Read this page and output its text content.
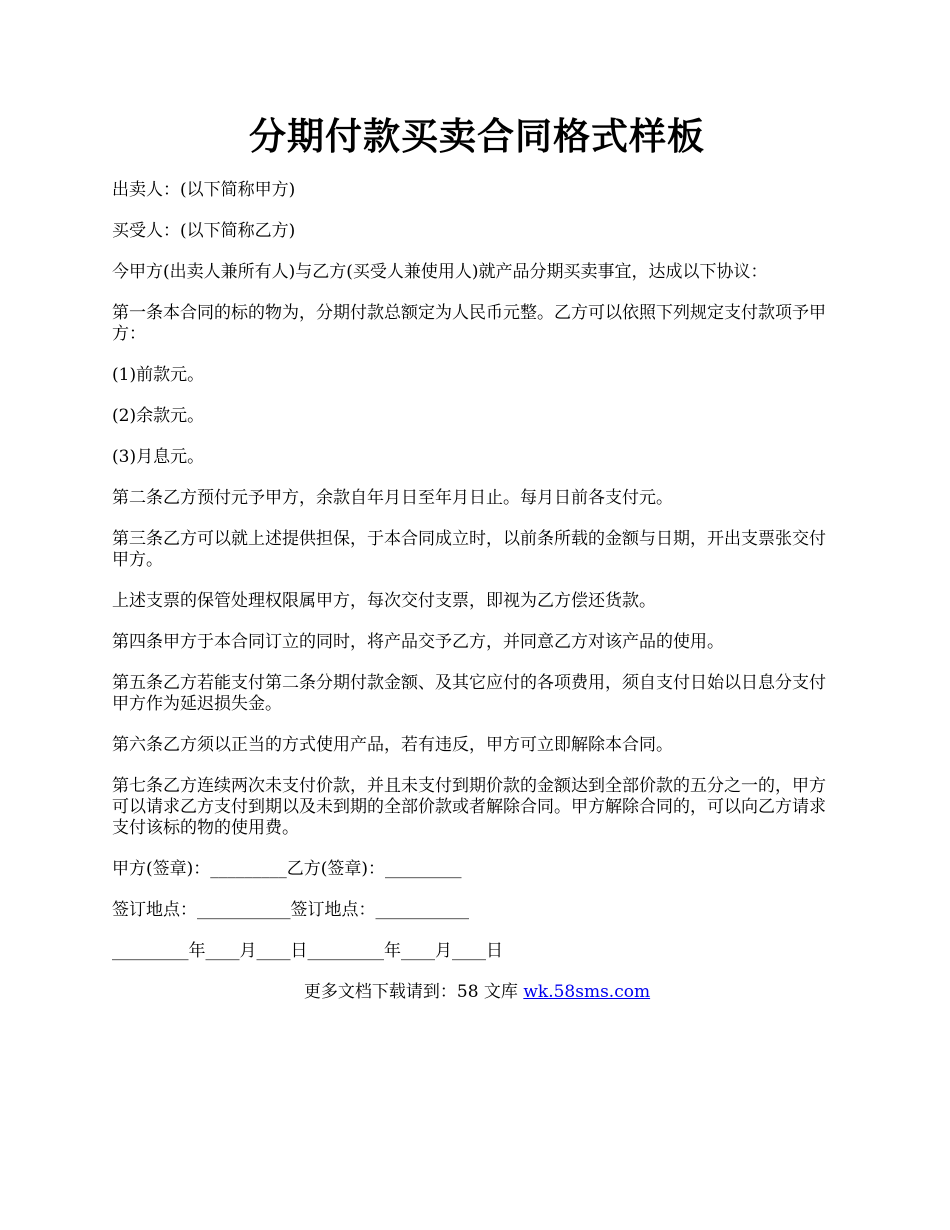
分期付款买卖合同格式样板

出卖人：(以下简称甲方)

买受人：(以下简称乙方)

今甲方(出卖人兼所有人)与乙方(买受人兼使用人)就产品分期买卖事宜，达成以下协议：

第一条本合同的标的物为，分期付款总额定为人民币元整。乙方可以依照下列规定支付款项予甲方：

(1)前款元。

(2)余款元。

(3)月息元。

第二条乙方预付元予甲方，余款自年月日至年月日止。每月日前各支付元。

第三条乙方可以就上述提供担保，于本合同成立时，以前条所载的金额与日期，开出支票张交付甲方。

上述支票的保管处理权限属甲方，每次交付支票，即视为乙方偿还货款。

第四条甲方于本合同订立的同时，将产品交予乙方，并同意乙方对该产品的使用。

第五条乙方若能支付第二条分期付款金额、及其它应付的各项费用，须自支付日始以日息分支付甲方作为延迟损失金。

第六条乙方须以正当的方式使用产品，若有违反，甲方可立即解除本合同。

第七条乙方连续两次未支付价款，并且未支付到期价款的金额达到全部价款的五分之一的，甲方可以请求乙方支付到期以及未到期的全部价款或者解除合同。甲方解除合同的，可以向乙方请求支付该标的物的使用费。

甲方(签章)：_________乙方(签章)：_________

签订地点：___________签订地点：___________

_________年____月____日_________年____月____日

更多文档下载请到：58 文库 wk.58sms.com
